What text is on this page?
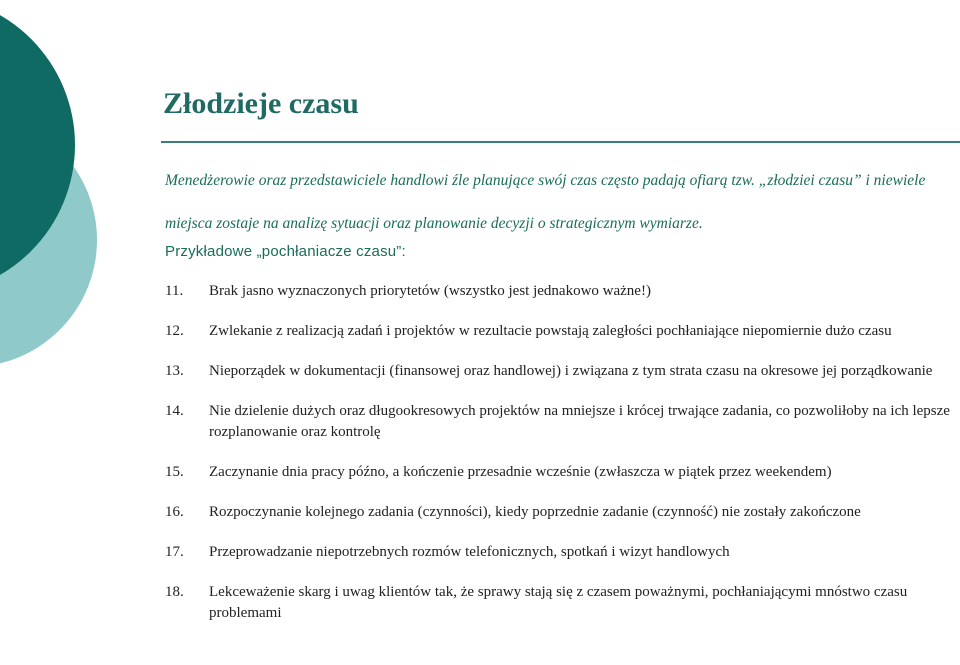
Złodzieje czasu

Menedżerowie oraz przedstawiciele handlowi źle planujące swój czas często padają ofiarą tzw. „złodziei czasu” i niewiele miejsca zostaje na analizę sytuacji oraz planowanie decyzji o strategicznym wymiarze.

Przykładowe „pochłaniacze czasu”:

11. Brak jasno wyznaczonych priorytetów (wszystko jest jednakowo ważne!)
12. Zwlekanie z realizacją zadań i projektów w rezultacie powstają zaległości pochłaniające niepomiernie dużo czasu
13. Nieporządek w dokumentacji (finansowej oraz handlowej) i związana z tym strata czasu na okresowe jej porządkowanie
14. Nie dzielenie dużych oraz długookresowych projektów na mniejsze i krócej trwające zadania, co pozwoliłoby na ich lepsze rozplanowanie oraz kontrolę
15. Zaczynanie dnia pracy późno, a kończenie przesadnie wcześnie (zwłaszcza w piątek przez weekendem)
16. Rozpoczynanie kolejnego zadania (czynności), kiedy poprzednie zadanie (czynność) nie zostały zakończone
17. Przeprowadzanie niepotrzebnych rozmów telefonicznych, spotkań i wizyt handlowych
18. Lekceważenie skarg i uwag klientów tak, że sprawy stają się z czasem poważnymi, pochłaniającymi mnóstwo czasu problemami
